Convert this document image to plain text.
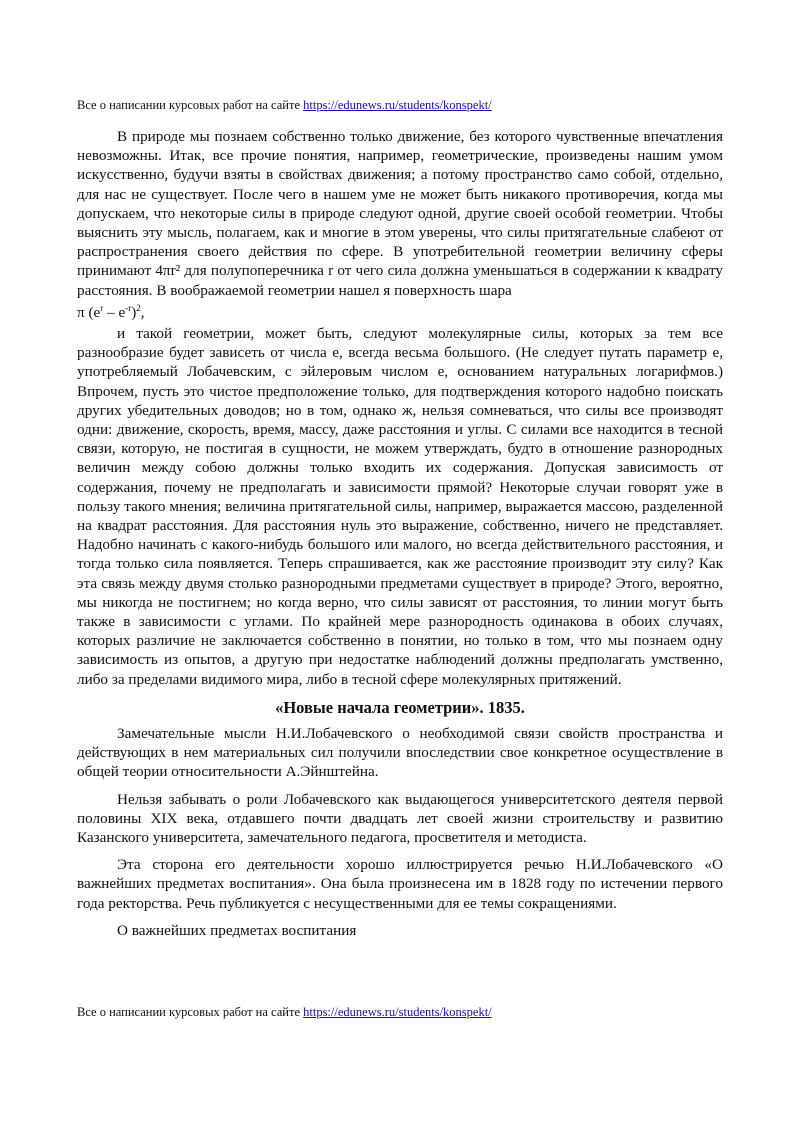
Все о написании курсовых работ на сайте https://edunews.ru/students/konspekt/

В природе мы познаем собственно только движение, без которого чувственные впечатления невозможны. Итак, все прочие понятия, например, геометрические, произведены нашим умом искусственно, будучи взяты в свойствах движения; а потому пространство само собой, отдельно, для нас не существует. После чего в нашем уме не может быть никакого противоречия, когда мы допускаем, что некоторые силы в природе следуют одной, другие своей особой геометрии. Чтобы выяснить эту мысль, полагаем, как и многие в этом уверены, что силы притягательные слабеют от распространения своего действия по сфере. В употребительной геометрии величину сферы принимают 4πr² для полупоперечника r от чего сила должна уменьшаться в содержании к квадрату расстояния. В воображаемой геометрии нашел я поверхность шара

π $(e^r - e^{-r})^2$,

и такой геометрии, может быть, следуют молекулярные силы, которых за тем все разнообразие будет зависеть от числа е, всегда весьма большого. (Не следует путать параметр е, употребляемый Лобачевским, с эйлеровым числом е, основанием натуральных логарифмов.) Впрочем, пусть это чистое предположение только, для подтверждения которого надобно поискать других убедительных доводов; но в том, однако ж, нельзя сомневаться, что силы все производят одни: движение, скорость, время, массу, даже расстояния и углы. С силами все находится в тесной связи, которую, не постигая в сущности, не можем утверждать, будто в отношение разнородных величин между собою должны только входить их содержания. Допуская зависимость от содержания, почему не предполагать и зависимости прямой? Некоторые случаи говорят уже в пользу такого мнения; величина притягательной силы, например, выражается массою, разделенной на квадрат расстояния. Для расстояния нуль это выражение, собственно, ничего не представляет. Надобно начинать с какого-нибудь большого или малого, но всегда действительного расстояния, и тогда только сила появляется. Теперь спрашивается, как же расстояние производит эту силу? Как эта связь между двумя столько разнородными предметами существует в природе? Этого, вероятно, мы никогда не постигнем; но когда верно, что силы зависят от расстояния, то линии могут быть также в зависимости с углами. По крайней мере разнородность одинакова в обоих случаях, которых различие не заключается собственно в понятии, но только в том, что мы познаем одну зависимость из опытов, а другую при недостатке наблюдений должны предполагать умственно, либо за пределами видимого мира, либо в тесной сфере молекулярных притяжений.

«Новые начала геометрии». 1835.

Замечательные мысли Н.И.Лобачевского о необходимой связи свойств пространства и действующих в нем материальных сил получили впоследствии свое конкретное осуществление в общей теории относительности А.Эйнштейна.

Нельзя забывать о роли Лобачевского как выдающегося университетского деятеля первой половины XIX века, отдавшего почти двадцать лет своей жизни строительству и развитию Казанского университета, замечательного педагога, просветителя и методиста.

Эта сторона его деятельности хорошо иллюстрируется речью Н.И.Лобачевского «О важнейших предметах воспитания». Она была произнесена им в 1828 году по истечении первого года ректорства. Речь публикуется с несущественными для ее темы сокращениями.

О важнейших предметах воспитания

Все о написании курсовых работ на сайте https://edunews.ru/students/konspekt/
